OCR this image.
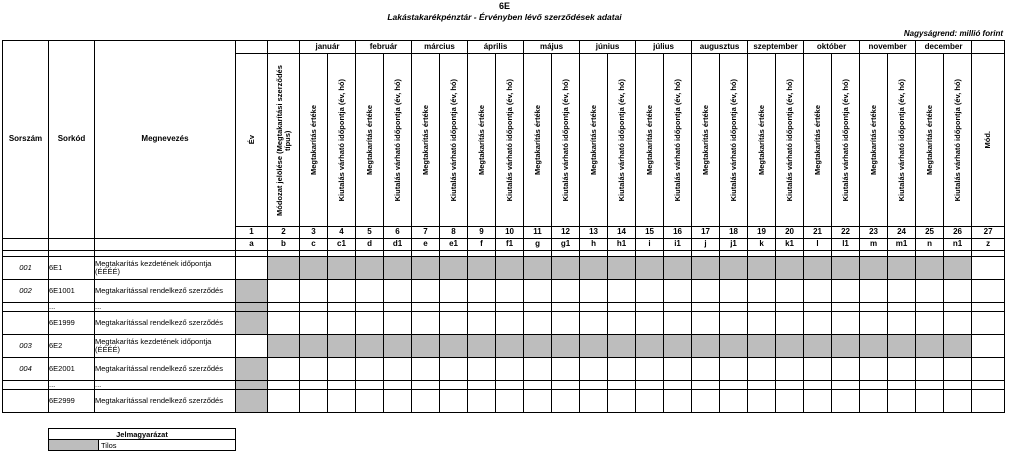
6E
Lakástakarékpénztár - Érvényben lévő szerződések adatai
Nagyságrend: millió forint
Sorszám	Sorkód	Megnevezés			január		február		március		április		május		június		július		augusztus		szeptember		október		november		december		

			Év	Módozat jelölése (Megtakarítási szerződés típus)	Megtakarítás értéke	Kiutalás várható időpontja (év, hó)	Megtakarítás értéke	Kiutalás várható időpontja (év, hó)	Megtakarítás értéke	Kiutalás várható időpontja (év, hó)	Megtakarítás értéke	Kiutalás várható időpontja (év, hó)	Megtakarítás értéke	Kiutalás várható időpontja (év, hó)	Megtakarítás értéke	Kiutalás várható időpontja (év, hó)	Megtakarítás értéke	Kiutalás várható időpontja (év, hó)	Megtakarítás értéke	Kiutalás várható időpontja (év, hó)	Megtakarítás értéke	Kiutalás várható időpontja (év, hó)	Megtakarítás értéke	Kiutalás várható időpontja (év, hó)	Megtakarítás értéke	Kiutalás várható időpontja (év, hó)	Megtakarítás értéke	Kiutalás várható időpontja (év, hó)	Mód.

			1	2	3	4	5	6	7	8	9	10	11	12	13	14	15	16	17	18	19	20	21	22	23	24	25	26	27
			a	b	c	c1	d	d1	e	e1	f	f1	g	g1	h	h1	i	i1	j	j1	k	k1	l	l1	m	m1	n	n1	z

001	6E1	Megtakarítás kezdetének időpontja (ÉÉÉÉ)																											
002	6E1001	Megtakarítással rendelkező szerződés																											
	...	...																											
	6E1999	Megtakarítással rendelkező szerződés																											
003	6E2	Megtakarítás kezdetének időpontja (ÉÉÉÉ)																											
004	6E2001	Megtakarítással rendelkező szerződés																											
	...	...																											
	6E2999	Megtakarítással rendelkező szerződés																											
Jelmagyarázat
	Tilos
